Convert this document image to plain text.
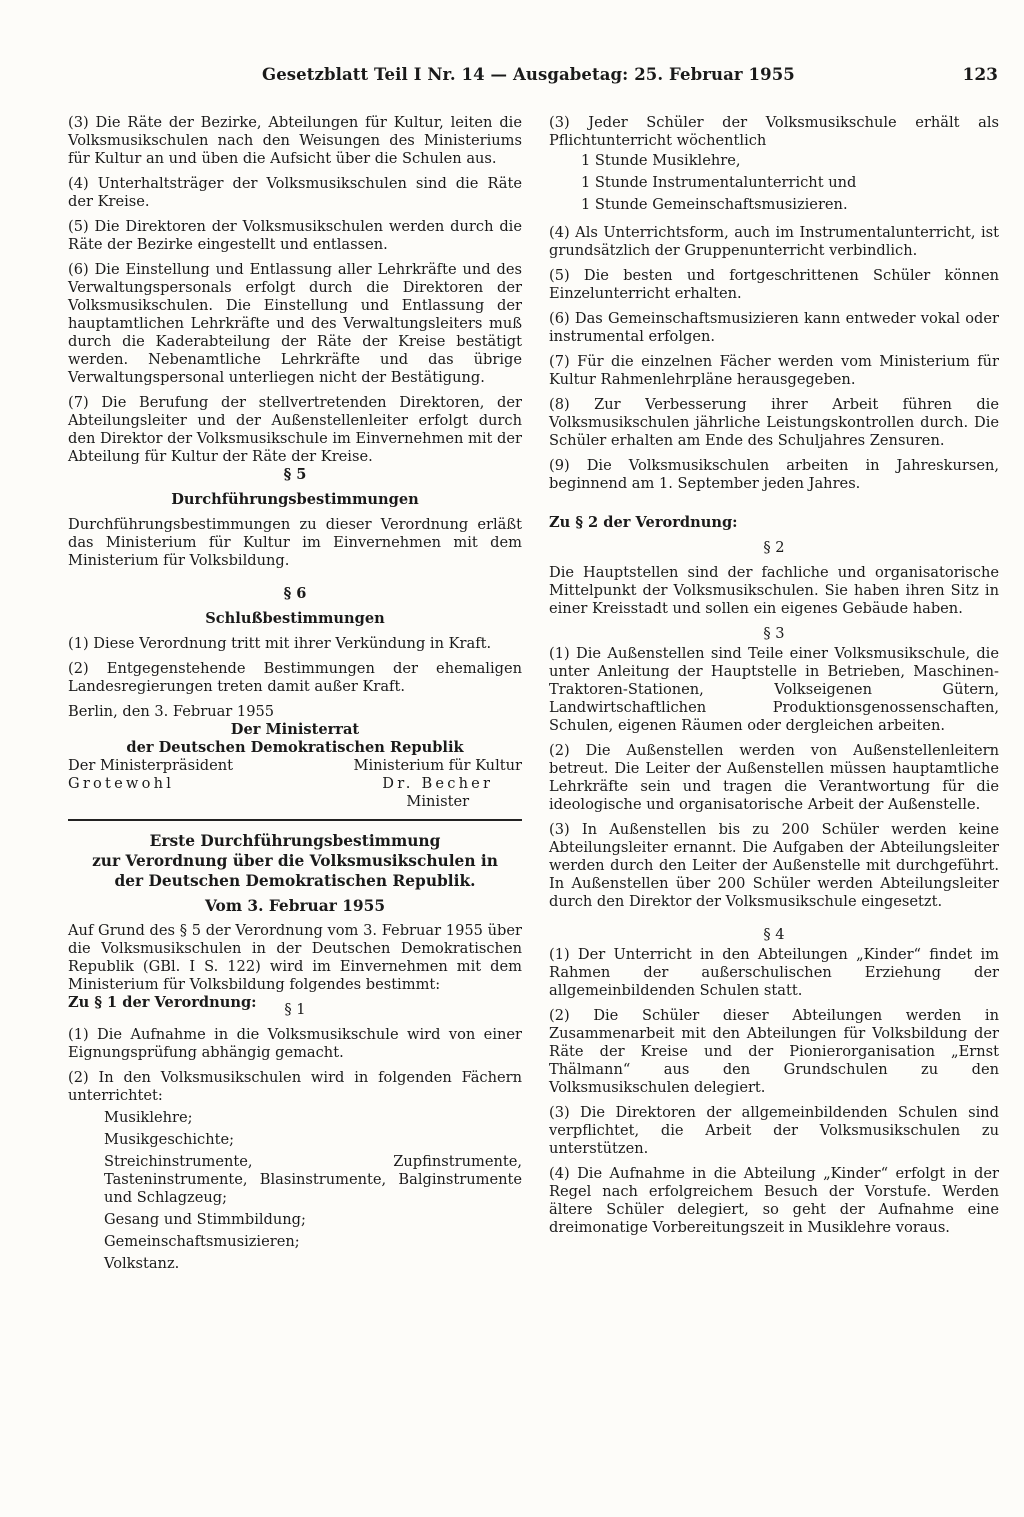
Gesetzblatt Teil I Nr. 14 — Ausgabetag: 25. Februar 1955	123

(3) Die Räte der Bezirke, Abteilungen für Kultur, leiten die Volksmusikschulen nach den Weisungen des Ministeriums für Kultur an und üben die Aufsicht über die Schulen aus.

(4) Unterhaltsträger der Volksmusikschulen sind die Räte der Kreise.

(5) Die Direktoren der Volksmusikschulen werden durch die Räte der Bezirke eingestellt und entlassen.

(6) Die Einstellung und Entlassung aller Lehrkräfte und des Verwaltungspersonals erfolgt durch die Direktoren der Volksmusikschulen. Die Einstellung und Entlassung der hauptamtlichen Lehrkräfte und des Verwaltungsleiters muß durch die Kaderabteilung der Räte der Kreise bestätigt werden. Nebenamtliche Lehrkräfte und das übrige Verwaltungspersonal unterliegen nicht der Bestätigung.

(7) Die Berufung der stellvertretenden Direktoren, der Abteilungsleiter und der Außenstellenleiter erfolgt durch den Direktor der Volksmusikschule im Einvernehmen mit der Abteilung für Kultur der Räte der Kreise.

§ 5

Durchführungsbestimmungen

Durchführungsbestimmungen zu dieser Verordnung erläßt das Ministerium für Kultur im Einvernehmen mit dem Ministerium für Volksbildung.

§ 6

Schlußbestimmungen

(1) Diese Verordnung tritt mit ihrer Verkündung in Kraft.

(2) Entgegenstehende Bestimmungen der ehemaligen Landesregierungen treten damit außer Kraft.

Berlin, den 3. Februar 1955

Der Ministerrat

der Deutschen Demokratischen Republik

Der Ministerpräsident
Grotewohl
Ministerium für Kultur
Dr. Becher
Minister

Erste Durchführungsbestimmung
zur Verordnung über die Volksmusikschulen in
der Deutschen Demokratischen Republik.

Vom 3. Februar 1955

Auf Grund des § 5 der Verordnung vom 3. Februar 1955 über die Volksmusikschulen in der Deutschen Demokratischen Republik (GBl. I S. 122) wird im Einvernehmen mit dem Ministerium für Volksbildung folgendes bestimmt:

Zu § 1 der Verordnung:	§ 1

(1) Die Aufnahme in die Volksmusikschule wird von einer Eignungsprüfung abhängig gemacht.

(2) In den Volksmusikschulen wird in folgenden Fächern unterrichtet:

Musiklehre;
Musikgeschichte;
Streichinstrumente, Zupfinstrumente, Tasteninstrumente, Blasinstrumente, Balginstrumente und Schlagzeug;
Gesang und Stimmbildung;
Gemeinschaftsmusizieren;
Volkstanz.

(3) Jeder Schüler der Volksmusikschule erhält als Pflichtunterricht wöchentlich

1 Stunde Musiklehre,
1 Stunde Instrumentalunterricht und
1 Stunde Gemeinschaftsmusizieren.

(4) Als Unterrichtsform, auch im Instrumentalunterricht, ist grundsätzlich der Gruppenunterricht verbindlich.

(5) Die besten und fortgeschrittenen Schüler können Einzelunterricht erhalten.

(6) Das Gemeinschaftsmusizieren kann entweder vokal oder instrumental erfolgen.

(7) Für die einzelnen Fächer werden vom Ministerium für Kultur Rahmenlehrpläne herausgegeben.

(8) Zur Verbesserung ihrer Arbeit führen die Volksmusikschulen jährliche Leistungskontrollen durch. Die Schüler erhalten am Ende des Schuljahres Zensuren.

(9) Die Volksmusikschulen arbeiten in Jahreskursen, beginnend am 1. September jeden Jahres.

Zu § 2 der Verordnung:

§ 2

Die Hauptstellen sind der fachliche und organisatorische Mittelpunkt der Volksmusikschulen. Sie haben ihren Sitz in einer Kreisstadt und sollen ein eigenes Gebäude haben.

§ 3

(1) Die Außenstellen sind Teile einer Volksmusikschule, die unter Anleitung der Hauptstelle in Betrieben, Maschinen-Traktoren-Stationen, Volkseigenen Gütern, Landwirtschaftlichen Produktionsgenossenschaften, Schulen, eigenen Räumen oder dergleichen arbeiten.

(2) Die Außenstellen werden von Außenstellenleitern betreut. Die Leiter der Außenstellen müssen hauptamtliche Lehrkräfte sein und tragen die Verantwortung für die ideologische und organisatorische Arbeit der Außenstelle.

(3) In Außenstellen bis zu 200 Schüler werden keine Abteilungsleiter ernannt. Die Aufgaben der Abteilungsleiter werden durch den Leiter der Außenstelle mit durchgeführt. In Außenstellen über 200 Schüler werden Abteilungsleiter durch den Direktor der Volksmusikschule eingesetzt.

§ 4

(1) Der Unterricht in den Abteilungen „Kinder“ findet im Rahmen der außerschulischen Erziehung der allgemeinbildenden Schulen statt.

(2) Die Schüler dieser Abteilungen werden in Zusammenarbeit mit den Abteilungen für Volksbildung der Räte der Kreise und der Pionierorganisation „Ernst Thälmann“ aus den Grundschulen zu den Volksmusikschulen delegiert.

(3) Die Direktoren der allgemeinbildenden Schulen sind verpflichtet, die Arbeit der Volksmusikschulen zu unterstützen.

(4) Die Aufnahme in die Abteilung „Kinder“ erfolgt in der Regel nach erfolgreichem Besuch der Vorstufe. Werden ältere Schüler delegiert, so geht der Aufnahme eine dreimonatige Vorbereitungszeit in Musiklehre voraus.
